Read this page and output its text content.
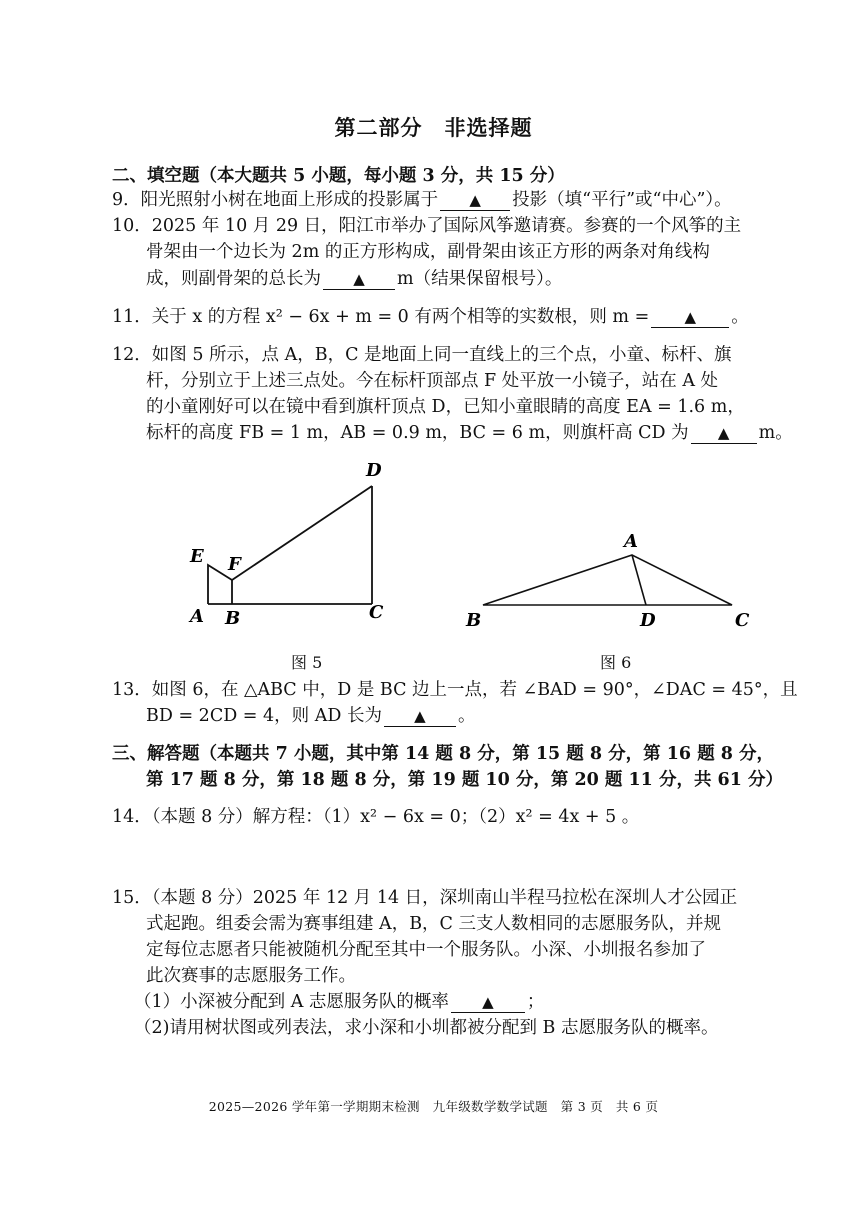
第二部分　非选择题
二、填空题（本大题共 5 小题，每小题 3 分，共 15 分）
9．阳光照射小树在地面上形成的投影属于 ▲ 投影（填“平行”或“中心”）。
10．2025 年 10 月 29 日，阳江市举办了国际风筝邀请赛。参赛的一个风筝的主
骨架由一个边长为 2m 的正方形构成，副骨架由该正方形的两条对角线构
成，则副骨架的总长为 ▲ m（结果保留根号）。
11．关于 x 的方程 x² − 6x + m = 0 有两个相等的实数根，则 m = ▲ 。
12．如图 5 所示，点 A，B，C 是地面上同一直线上的三个点，小童、标杆、旗
杆，分别立于上述三点处。今在标杆顶部点 F 处平放一小镜子，站在 A 处
的小童刚好可以在镜中看到旗杆顶点 D，已知小童眼睛的高度 EA = 1.6 m，
标杆的高度 FB = 1 m，AB = 0.9 m，BC = 6 m，则旗杆高 CD 为 ▲ m。
D
E F
A B	C
图 5
A
B	D	C
图 6
13．如图 6，在 △ABC 中，D 是 BC 边上一点，若 ∠BAD = 90°，∠DAC = 45°，且
BD = 2CD = 4，则 AD 长为 ▲ 。
三、解答题（本题共 7 小题，其中第 14 题 8 分，第 15 题 8 分，第 16 题 8 分，
第 17 题 8 分，第 18 题 8 分，第 19 题 10 分，第 20 题 11 分，共 61 分）
14．（本题 8 分）解方程：（1）x² − 6x = 0；（2）x² = 4x + 5 。
15．（本题 8 分）2025 年 12 月 14 日，深圳南山半程马拉松在深圳人才公园正
式起跑。组委会需为赛事组建 A，B，C 三支人数相同的志愿服务队，并规
定每位志愿者只能被随机分配至其中一个服务队。小深、小圳报名参加了
此次赛事的志愿服务工作。
（1）小深被分配到 A 志愿服务队的概率 ▲ ；
（2)请用树状图或列表法，求小深和小圳都被分配到 B 志愿服务队的概率。
2025—2026 学年第一学期期末检测　九年级数学数学试题　第 3 页　共 6 页
